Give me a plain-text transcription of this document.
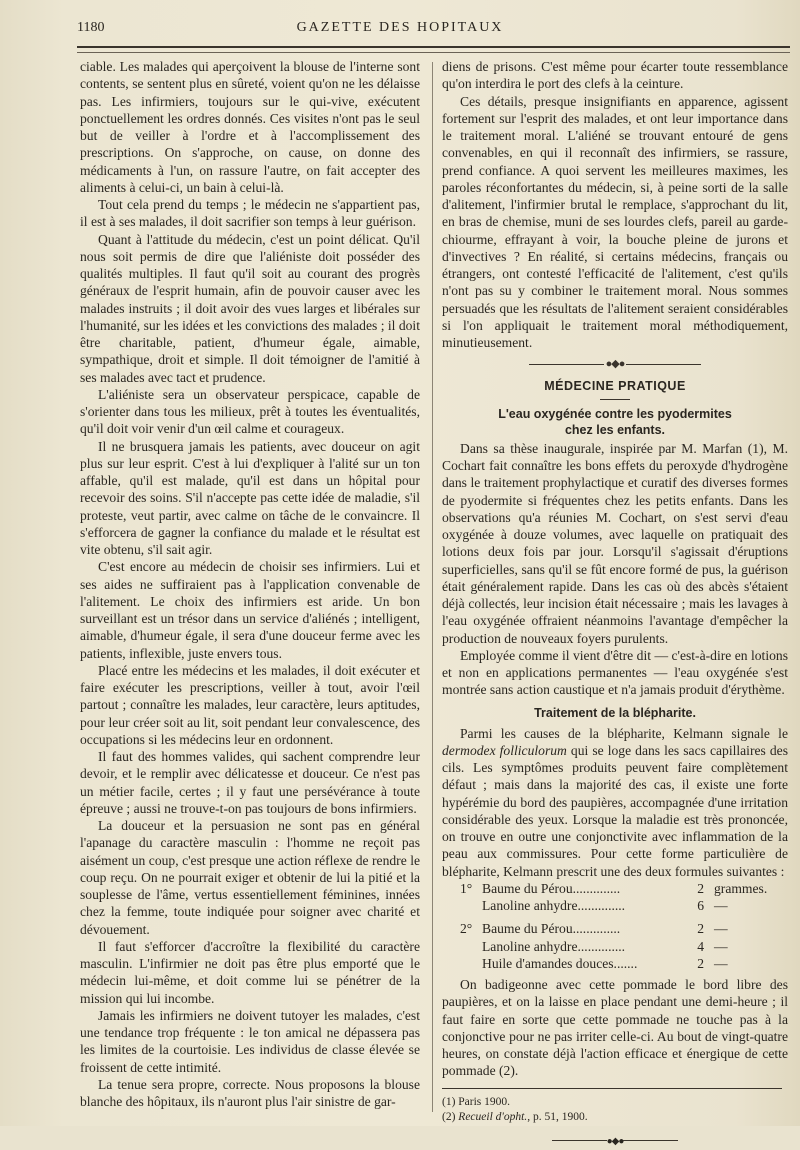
1180	GAZETTE DES HOPITAUX

ciable. Les malades qui aperçoivent la blouse de l'interne sont contents, se sentent plus en sûreté, voient qu'on ne les délaisse pas. Les infirmiers, toujours sur le qui-vive, exécutent ponctuellement les ordres donnés. Ces visites n'ont pas le seul but de veiller à l'ordre et à l'accomplissement des prescriptions. On s'approche, on cause, on donne des médicaments à l'un, on rassure l'autre, on fait accepter des aliments à celui-ci, un bain à celui-là.

Tout cela prend du temps ; le médecin ne s'appartient pas, il est à ses malades, il doit sacrifier son temps à leur guérison.

Quant à l'attitude du médecin, c'est un point délicat. Qu'il nous soit permis de dire que l'aliéniste doit posséder des qualités multiples. Il faut qu'il soit au courant des progrès généraux de l'esprit humain, afin de pouvoir causer avec les malades instruits ; il doit avoir des vues larges et libérales sur l'humanité, sur les idées et les convictions des malades ; il doit être charitable, patient, d'humeur égale, aimable, sympathique, droit et simple. Il doit témoigner de l'amitié à ses malades avec tact et prudence.

L'aliéniste sera un observateur perspicace, capable de s'orienter dans tous les milieux, prêt à toutes les éventualités, qu'il doit voir venir d'un œil calme et courageux.

Il ne brusquera jamais les patients, avec douceur on agit plus sur leur esprit. C'est à lui d'expliquer à l'alité sur un ton affable, qu'il est malade, qu'il est dans un hôpital pour recevoir des soins. S'il n'accepte pas cette idée de maladie, s'il proteste, veut partir, avec calme on tâche de le convaincre. Il s'efforcera de gagner la confiance du malade et le résultat est vite obtenu, s'il sait agir.

C'est encore au médecin de choisir ses infirmiers. Lui et ses aides ne suffiraient pas à l'application convenable de l'alitement. Le choix des infirmiers est aride. Un bon surveillant est un trésor dans un service d'aliénés ; intelligent, aimable, d'humeur égale, il sera d'une douceur ferme avec les patients, inflexible, juste envers tous.

Placé entre les médecins et les malades, il doit exécuter et faire exécuter les prescriptions, veiller à tout, avoir l'œil partout ; connaître les malades, leur caractère, leurs aptitudes, pour leur créer soit au lit, soit pendant leur convalescence, des occupations si les médecins leur en ordonnent.

Il faut des hommes valides, qui sachent comprendre leur devoir, et le remplir avec délicatesse et douceur. Ce n'est pas un métier facile, certes ; il y faut une persévérance à toute épreuve ; aussi ne trouve-t-on pas toujours de bons infirmiers.

La douceur et la persuasion ne sont pas en général l'apanage du caractère masculin : l'homme ne reçoit pas aisément un coup, c'est presque une action réflexe de rendre le coup reçu. On ne pourrait exiger et obtenir de lui la pitié et la souplesse de l'âme, vertus essentiellement féminines, innées chez la femme, toute indiquée pour soigner avec charité et dévouement.

Il faut s'efforcer d'accroître la flexibilité du caractère masculin. L'infirmier ne doit pas être plus emporté que le médecin lui-même, et doit comme lui se pénétrer de la mission qui lui incombe.

Jamais les infirmiers ne doivent tutoyer les malades, c'est une tendance trop fréquente : le ton amical ne dépassera pas les limites de la courtoisie. Les individus de classe élevée se froissent de cette intimité.

La tenue sera propre, correcte. Nous proposons la blouse blanche des hôpitaux, ils n'auront plus l'air sinistre de gar-

diens de prisons. C'est même pour écarter toute ressemblance qu'on interdira le port des clefs à la ceinture.

Ces détails, presque insignifiants en apparence, agissent fortement sur l'esprit des malades, et ont leur importance dans le traitement moral. L'aliéné se trouvant entouré de gens convenables, en qui il reconnaît des infirmiers, se rassure, prend confiance. A quoi servent les meilleures maximes, les paroles réconfortantes du médecin, si, à peine sorti de la salle d'alitement, l'infirmier brutal le remplace, s'approchant du lit, en bras de chemise, muni de ses lourdes clefs, pareil au garde-chiourme, effrayant à voir, la bouche pleine de jurons et d'invectives ? En réalité, si certains médecins, français ou étrangers, ont contesté l'efficacité de l'alitement, c'est qu'ils n'ont pas su y combiner le traitement moral. Nous sommes persuadés que les résultats de l'alitement seraient considérables si l'on appliquait le traitement moral méthodiquement, minutieusement.

●◆●
MÉDECINE PRATIQUE
L'eau oxygénée contre les pyodermites
chez les enfants.

Dans sa thèse inaugurale, inspirée par M. Marfan (1), M. Cochart fait connaître les bons effets du peroxyde d'hydrogène dans le traitement prophylactique et curatif des diverses formes de pyodermite si fréquentes chez les petits enfants. Dans les observations qu'a réunies M. Cochart, on s'est servi d'eau oxygénée à douze volumes, avec laquelle on pratiquait des lotions deux fois par jour. Lorsqu'il s'agissait d'éruptions superficielles, sans qu'il se fût encore formé de pus, la guérison était généralement rapide. Dans les cas où des abcès s'étaient déjà collectés, leur incision était nécessaire ; mais les lavages à l'eau oxygénée offraient néanmoins l'avantage d'empêcher la production de nouveaux foyers purulents.

Employée comme il vient d'être dit — c'est-à-dire en lotions et non en applications permanentes — l'eau oxygénée s'est montrée sans action caustique et n'a jamais produit d'érythème.

Traitement de la blépharite.

Parmi les causes de la blépharite, Kelmann signale le dermodex folliculorum qui se loge dans les sacs capillaires des cils. Les symptômes produits peuvent faire complètement défaut ; mais dans la majorité des cas, il existe une forte hypérémie du bord des paupières, accompagnée d'une irritation considérable des yeux. Lorsque la maladie est très prononcée, on trouve en outre une conjonctivite avec inflammation de la peau aux commissures. Pour cette forme particulière de blépharite, Kelmann prescrit une des deux formules suivantes :

1° Baume du Pérou..............	2 grammes.
Lanoline anhydre..............	6 —
2° Baume du Pérou..............	2 —
Lanoline anhydre..............	4 —
Huile d'amandes douces.......	2 —

On badigeonne avec cette pommade le bord libre des paupières, et on la laisse en place pendant une demi-heure ; il faut faire en sorte que cette pommade ne touche pas à la conjonctive pour ne pas irriter celle-ci. Au bout de vingt-quatre heures, on constate déjà l'action efficace et énergique de cette pommade (2).

(1) Paris 1900.

(2) Recueil d'opht., p. 51, 1900.

●◆●
